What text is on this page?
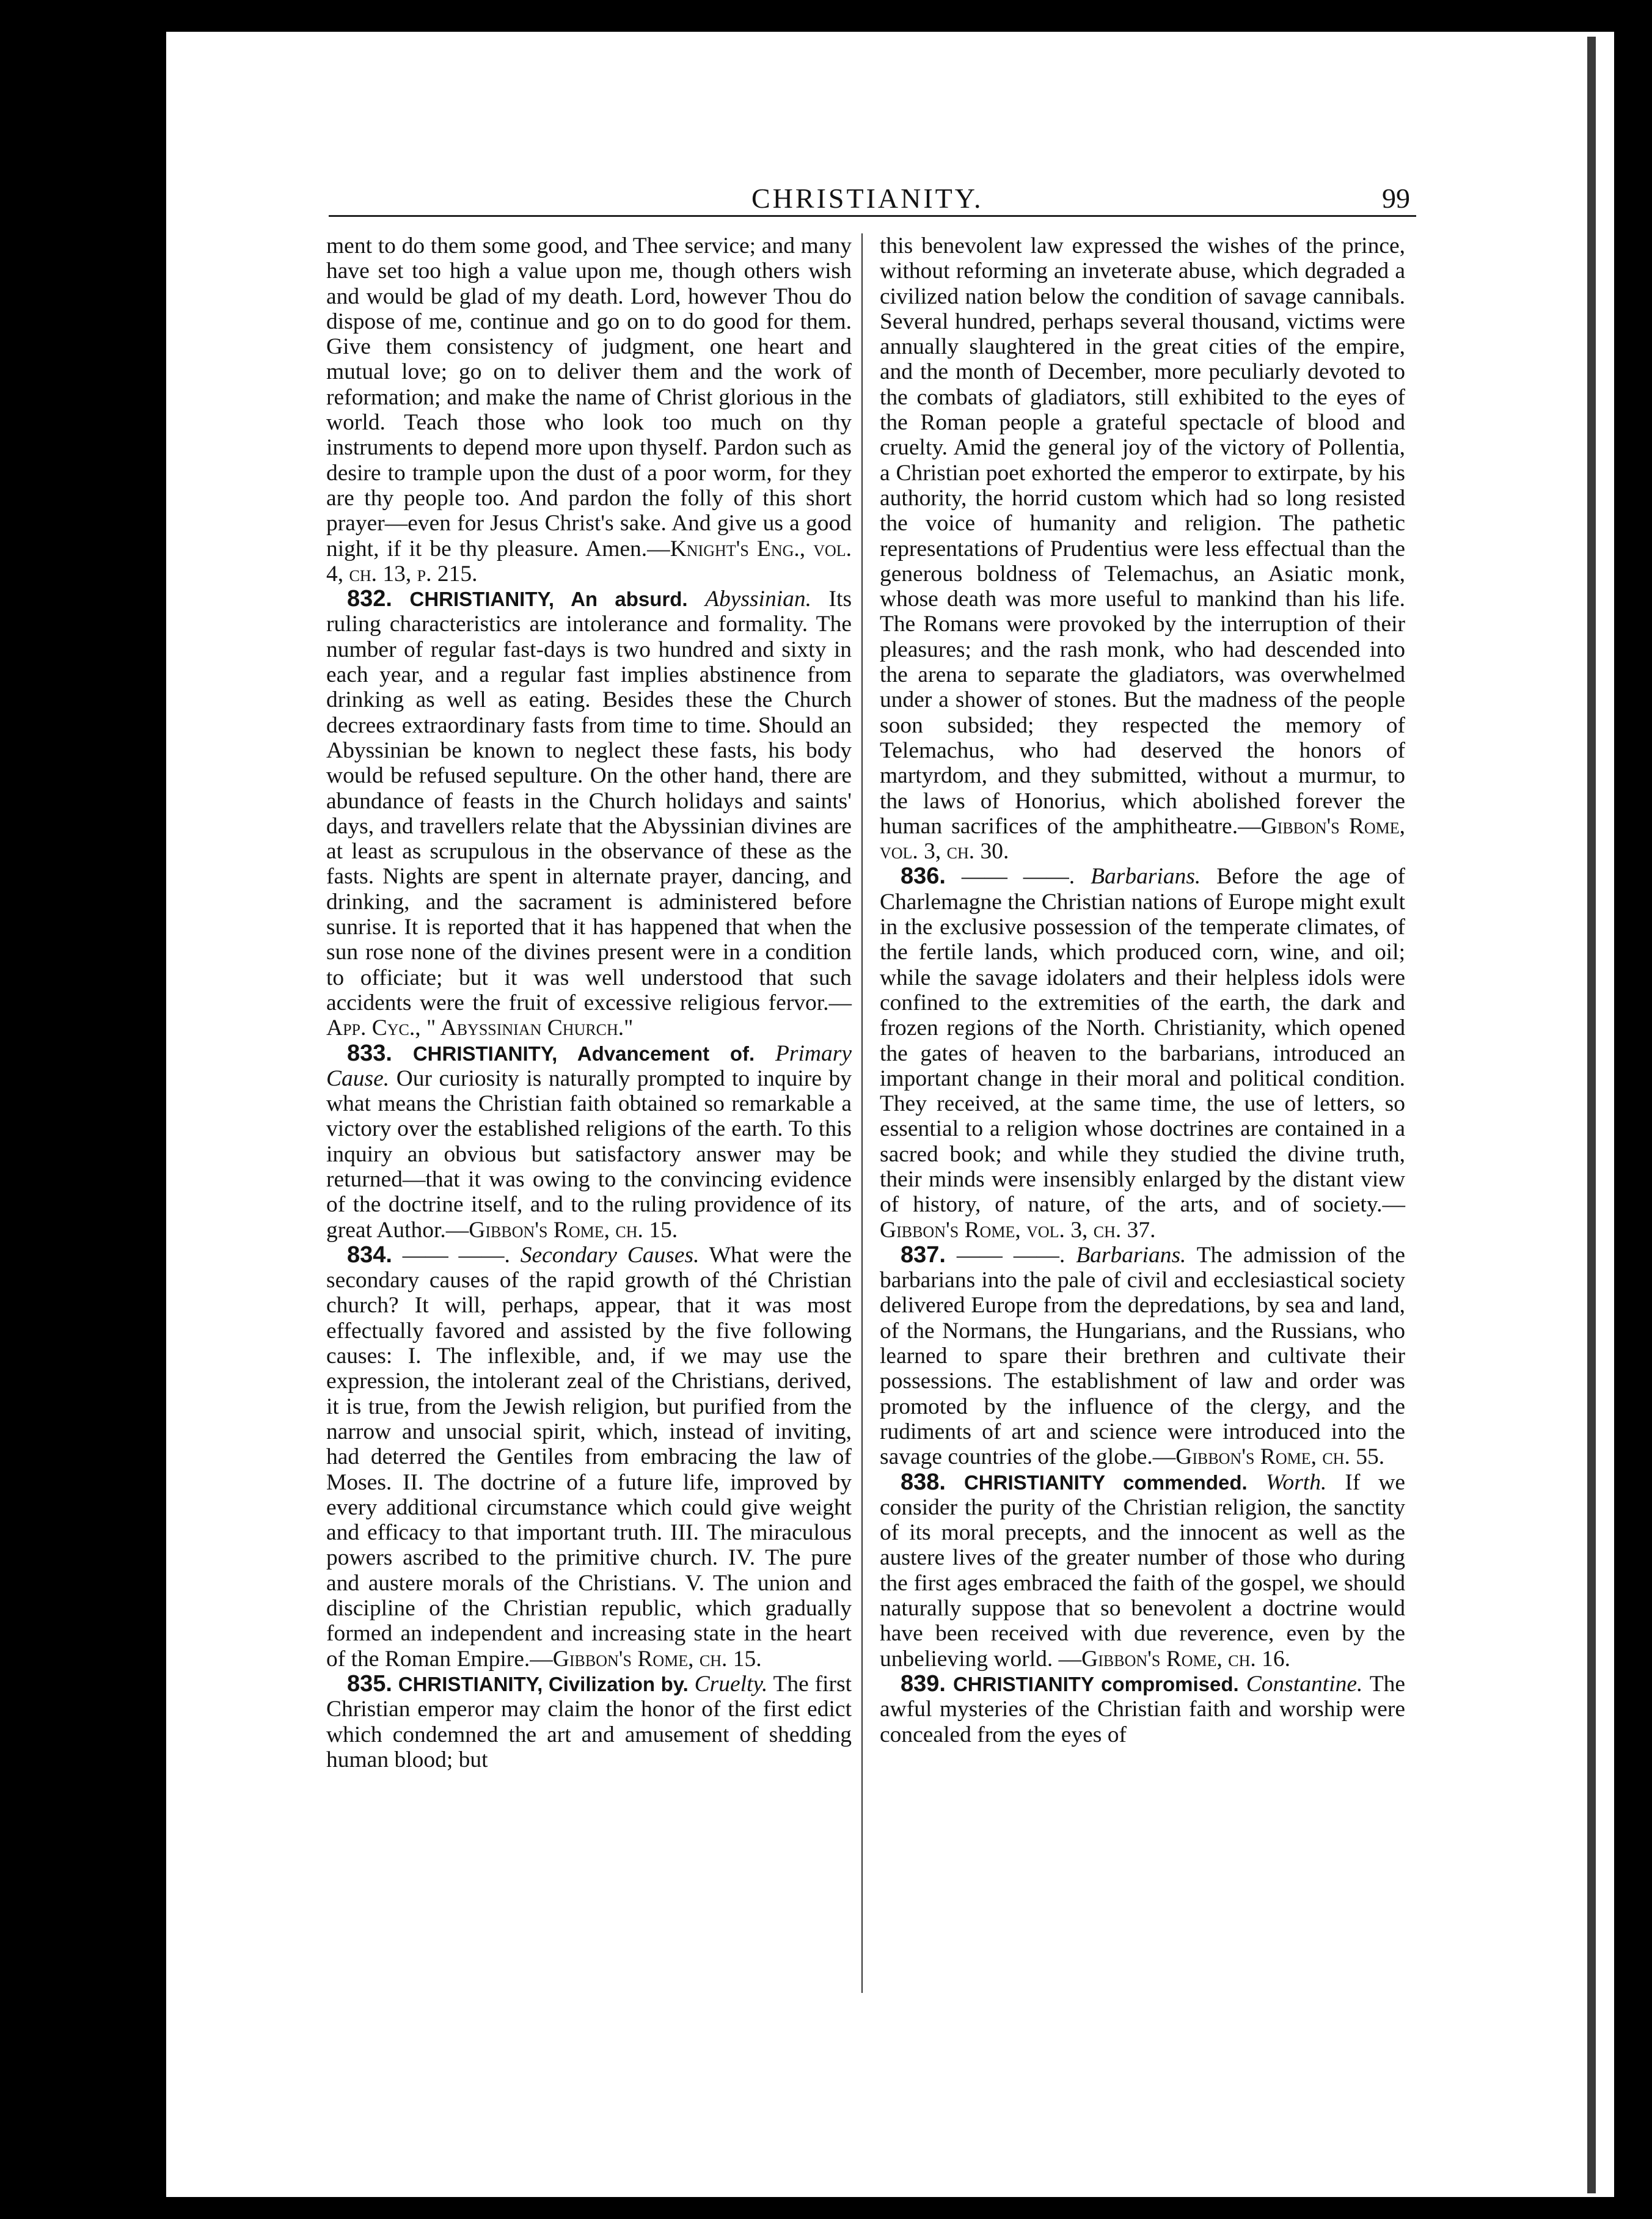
CHRISTIANITY.	99

ment to do them some good, and Thee service; and many have set too high a value upon me, though others wish and would be glad of my death. Lord, however Thou do dispose of me, continue and go on to do good for them. Give them consistency of judgment, one heart and mutual love; go on to deliver them and the work of reformation; and make the name of Christ glorious in the world. Teach those who look too much on thy instruments to depend more upon thyself. Pardon such as desire to trample upon the dust of a poor worm, for they are thy people too. And pardon the folly of this short prayer—even for Jesus Christ's sake. And give us a good night, if it be thy pleasure. Amen.—Knight's Eng., vol. 4, ch. 13, p. 215.

832. CHRISTIANITY, An absurd. Abyssinian. Its ruling characteristics are intolerance and formality. The number of regular fast-days is two hundred and sixty in each year, and a regular fast implies abstinence from drinking as well as eating. Besides these the Church decrees extraordinary fasts from time to time. Should an Abyssinian be known to neglect these fasts, his body would be refused sepulture. On the other hand, there are abundance of feasts in the Church holidays and saints' days, and travellers relate that the Abyssinian divines are at least as scrupulous in the observance of these as the fasts. Nights are spent in alternate prayer, dancing, and drinking, and the sacrament is administered before sunrise. It is reported that it has happened that when the sun rose none of the divines present were in a condition to officiate; but it was well understood that such accidents were the fruit of excessive religious fervor.—App. Cyc., " Abyssinian Church."

833. CHRISTIANITY, Advancement of. Primary Cause. Our curiosity is naturally prompted to inquire by what means the Christian faith obtained so remarkable a victory over the established religions of the earth. To this inquiry an obvious but satisfactory answer may be returned—that it was owing to the convincing evidence of the doctrine itself, and to the ruling providence of its great Author.—Gibbon's Rome, ch. 15.

834. —— ——. Secondary Causes. What were the secondary causes of the rapid growth of thé Christian church? It will, perhaps, appear, that it was most effectually favored and assisted by the five following causes: I. The inflexible, and, if we may use the expression, the intolerant zeal of the Christians, derived, it is true, from the Jewish religion, but purified from the narrow and unsocial spirit, which, instead of inviting, had deterred the Gentiles from embracing the law of Moses. II. The doctrine of a future life, improved by every additional circumstance which could give weight and efficacy to that important truth. III. The miraculous powers ascribed to the primitive church. IV. The pure and austere morals of the Christians. V. The union and discipline of the Christian republic, which gradually formed an independent and increasing state in the heart of the Roman Empire.—Gibbon's Rome, ch. 15.

835. CHRISTIANITY, Civilization by. Cruelty. The first Christian emperor may claim the honor of the first edict which condemned the art and amusement of shedding human blood; but

this benevolent law expressed the wishes of the prince, without reforming an inveterate abuse, which degraded a civilized nation below the condition of savage cannibals. Several hundred, perhaps several thousand, victims were annually slaughtered in the great cities of the empire, and the month of December, more peculiarly devoted to the combats of gladiators, still exhibited to the eyes of the Roman people a grateful spectacle of blood and cruelty. Amid the general joy of the victory of Pollentia, a Christian poet exhorted the emperor to extirpate, by his authority, the horrid custom which had so long resisted the voice of humanity and religion. The pathetic representations of Prudentius were less effectual than the generous boldness of Telemachus, an Asiatic monk, whose death was more useful to mankind than his life. The Romans were provoked by the interruption of their pleasures; and the rash monk, who had descended into the arena to separate the gladiators, was overwhelmed under a shower of stones. But the madness of the people soon subsided; they respected the memory of Telemachus, who had deserved the honors of martyrdom, and they submitted, without a murmur, to the laws of Honorius, which abolished forever the human sacrifices of the amphitheatre.—Gibbon's Rome, vol. 3, ch. 30.

836. —— ——. Barbarians. Before the age of Charlemagne the Christian nations of Europe might exult in the exclusive possession of the temperate climates, of the fertile lands, which produced corn, wine, and oil; while the savage idolaters and their helpless idols were confined to the extremities of the earth, the dark and frozen regions of the North. Christianity, which opened the gates of heaven to the barbarians, introduced an important change in their moral and political condition. They received, at the same time, the use of letters, so essential to a religion whose doctrines are contained in a sacred book; and while they studied the divine truth, their minds were insensibly enlarged by the distant view of history, of nature, of the arts, and of society.—Gibbon's Rome, vol. 3, ch. 37.

837. —— ——. Barbarians. The admission of the barbarians into the pale of civil and ecclesiastical society delivered Europe from the depredations, by sea and land, of the Normans, the Hungarians, and the Russians, who learned to spare their brethren and cultivate their possessions. The establishment of law and order was promoted by the influence of the clergy, and the rudiments of art and science were introduced into the savage countries of the globe.—Gibbon's Rome, ch. 55.

838. CHRISTIANITY commended. Worth. If we consider the purity of the Christian religion, the sanctity of its moral precepts, and the innocent as well as the austere lives of the greater number of those who during the first ages embraced the faith of the gospel, we should naturally suppose that so benevolent a doctrine would have been received with due reverence, even by the unbelieving world. —Gibbon's Rome, ch. 16.

839. CHRISTIANITY compromised. Constantine. The awful mysteries of the Christian faith and worship were concealed from the eyes of
